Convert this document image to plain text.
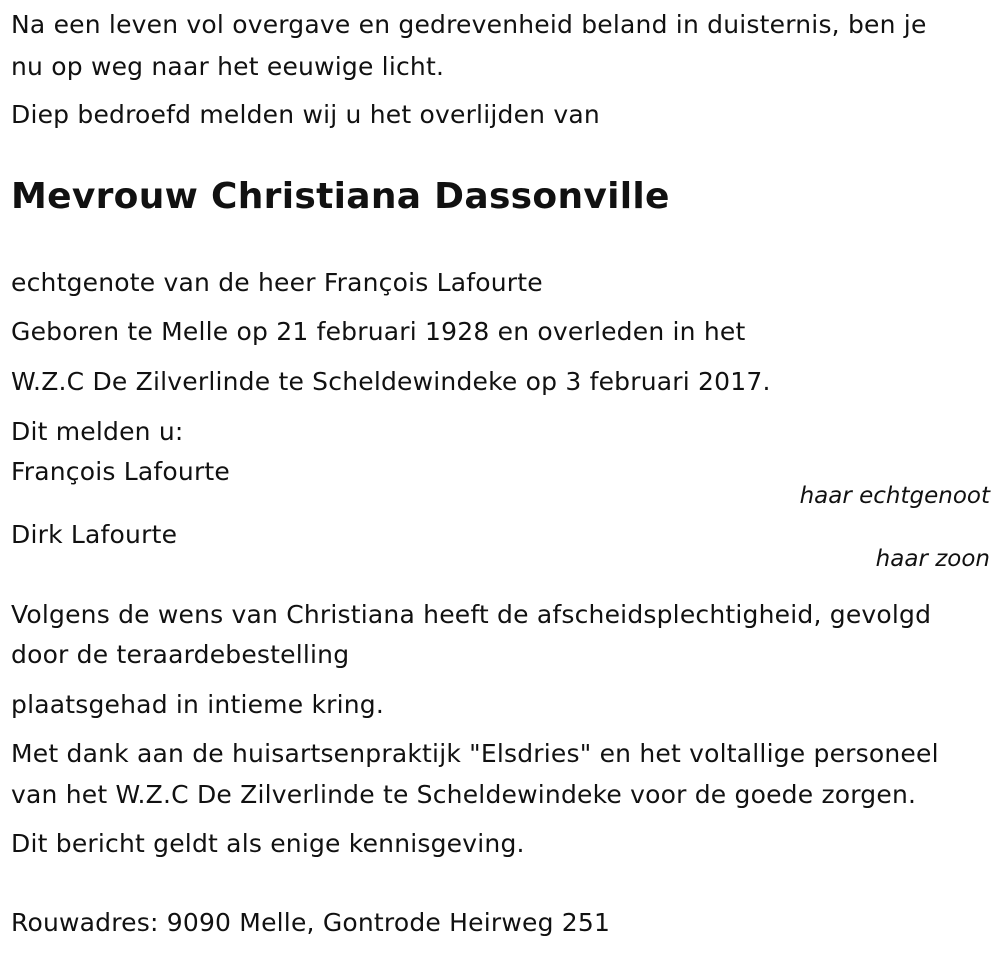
Na een leven vol overgave en gedrevenheid beland in duisternis, ben je
nu op weg naar het eeuwige licht.
Diep bedroefd melden wij u het overlijden van
Mevrouw Christiana Dassonville
echtgenote van de heer François Lafourte
Geboren te Melle op 21 februari 1928 en overleden in het
W.Z.C De Zilverlinde te Scheldewindeke op 3 februari 2017.
Dit melden u:
François Lafourte
haar echtgenoot
Dirk Lafourte
haar zoon
Volgens de wens van Christiana heeft de afscheidsplechtigheid, gevolgd
door de teraardebestelling
plaatsgehad in intieme kring.
Met dank aan de huisartsenpraktijk "Elsdries" en het voltallige personeel
van het W.Z.C De Zilverlinde te Scheldewindeke voor de goede zorgen.
Dit bericht geldt als enige kennisgeving.
Rouwadres: 9090 Melle, Gontrode Heirweg 251
